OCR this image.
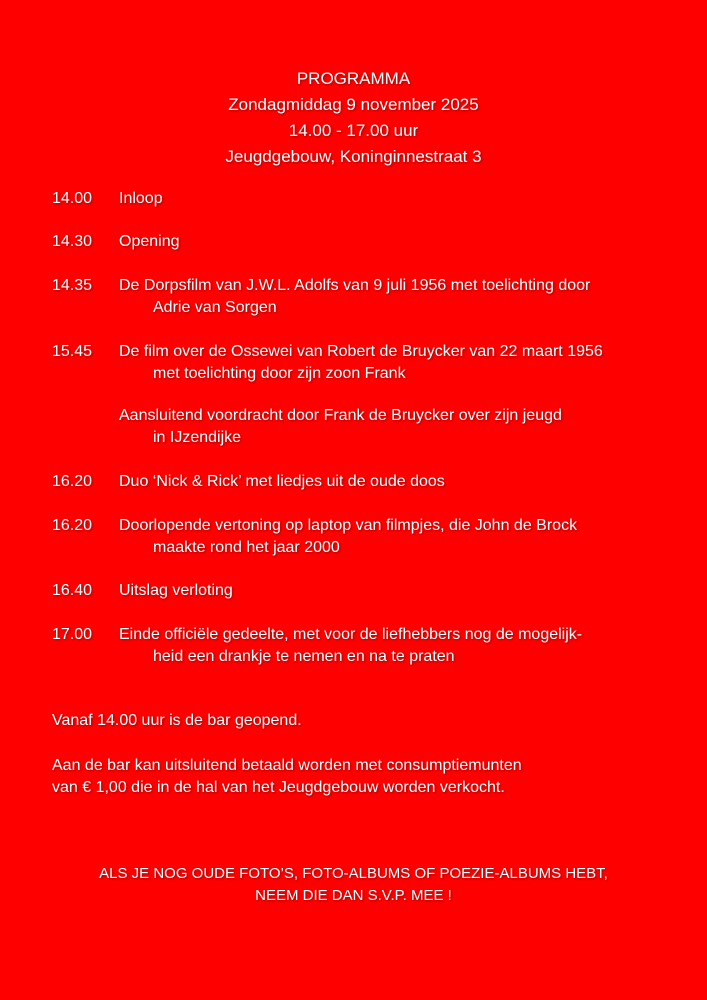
PROGRAMMA
Zondagmiddag 9 november 2025
14.00 - 17.00 uur
Jeugdgebouw, Koninginnestraat 3
14.00 Inloop
14.30 Opening
14.35 De Dorpsfilm van J.W.L. Adolfs van 9 juli 1956 met toelichting door
Adrie van Sorgen
15.45 De film over de Ossewei van Robert de Bruycker van 22 maart 1956
met toelichting door zijn zoon Frank
Aansluitend voordracht door Frank de Bruycker over zijn jeugd
in IJzendijke
16.20 Duo ‘Nick & Rick’ met liedjes uit de oude doos
16.20 Doorlopende vertoning op laptop van filmpjes, die John de Brock
maakte rond het jaar 2000
16.40 Uitslag verloting
17.00 Einde officiële gedeelte, met voor de liefhebbers nog de mogelijk-
heid een drankje te nemen en na te praten
Vanaf 14.00 uur is de bar geopend.
Aan de bar kan uitsluitend betaald worden met consumptiemunten
van € 1,00 die in de hal van het Jeugdgebouw worden verkocht.
ALS JE NOG OUDE FOTO’S, FOTO-ALBUMS OF POEZIE-ALBUMS HEBT,
NEEM DIE DAN S.V.P. MEE !
